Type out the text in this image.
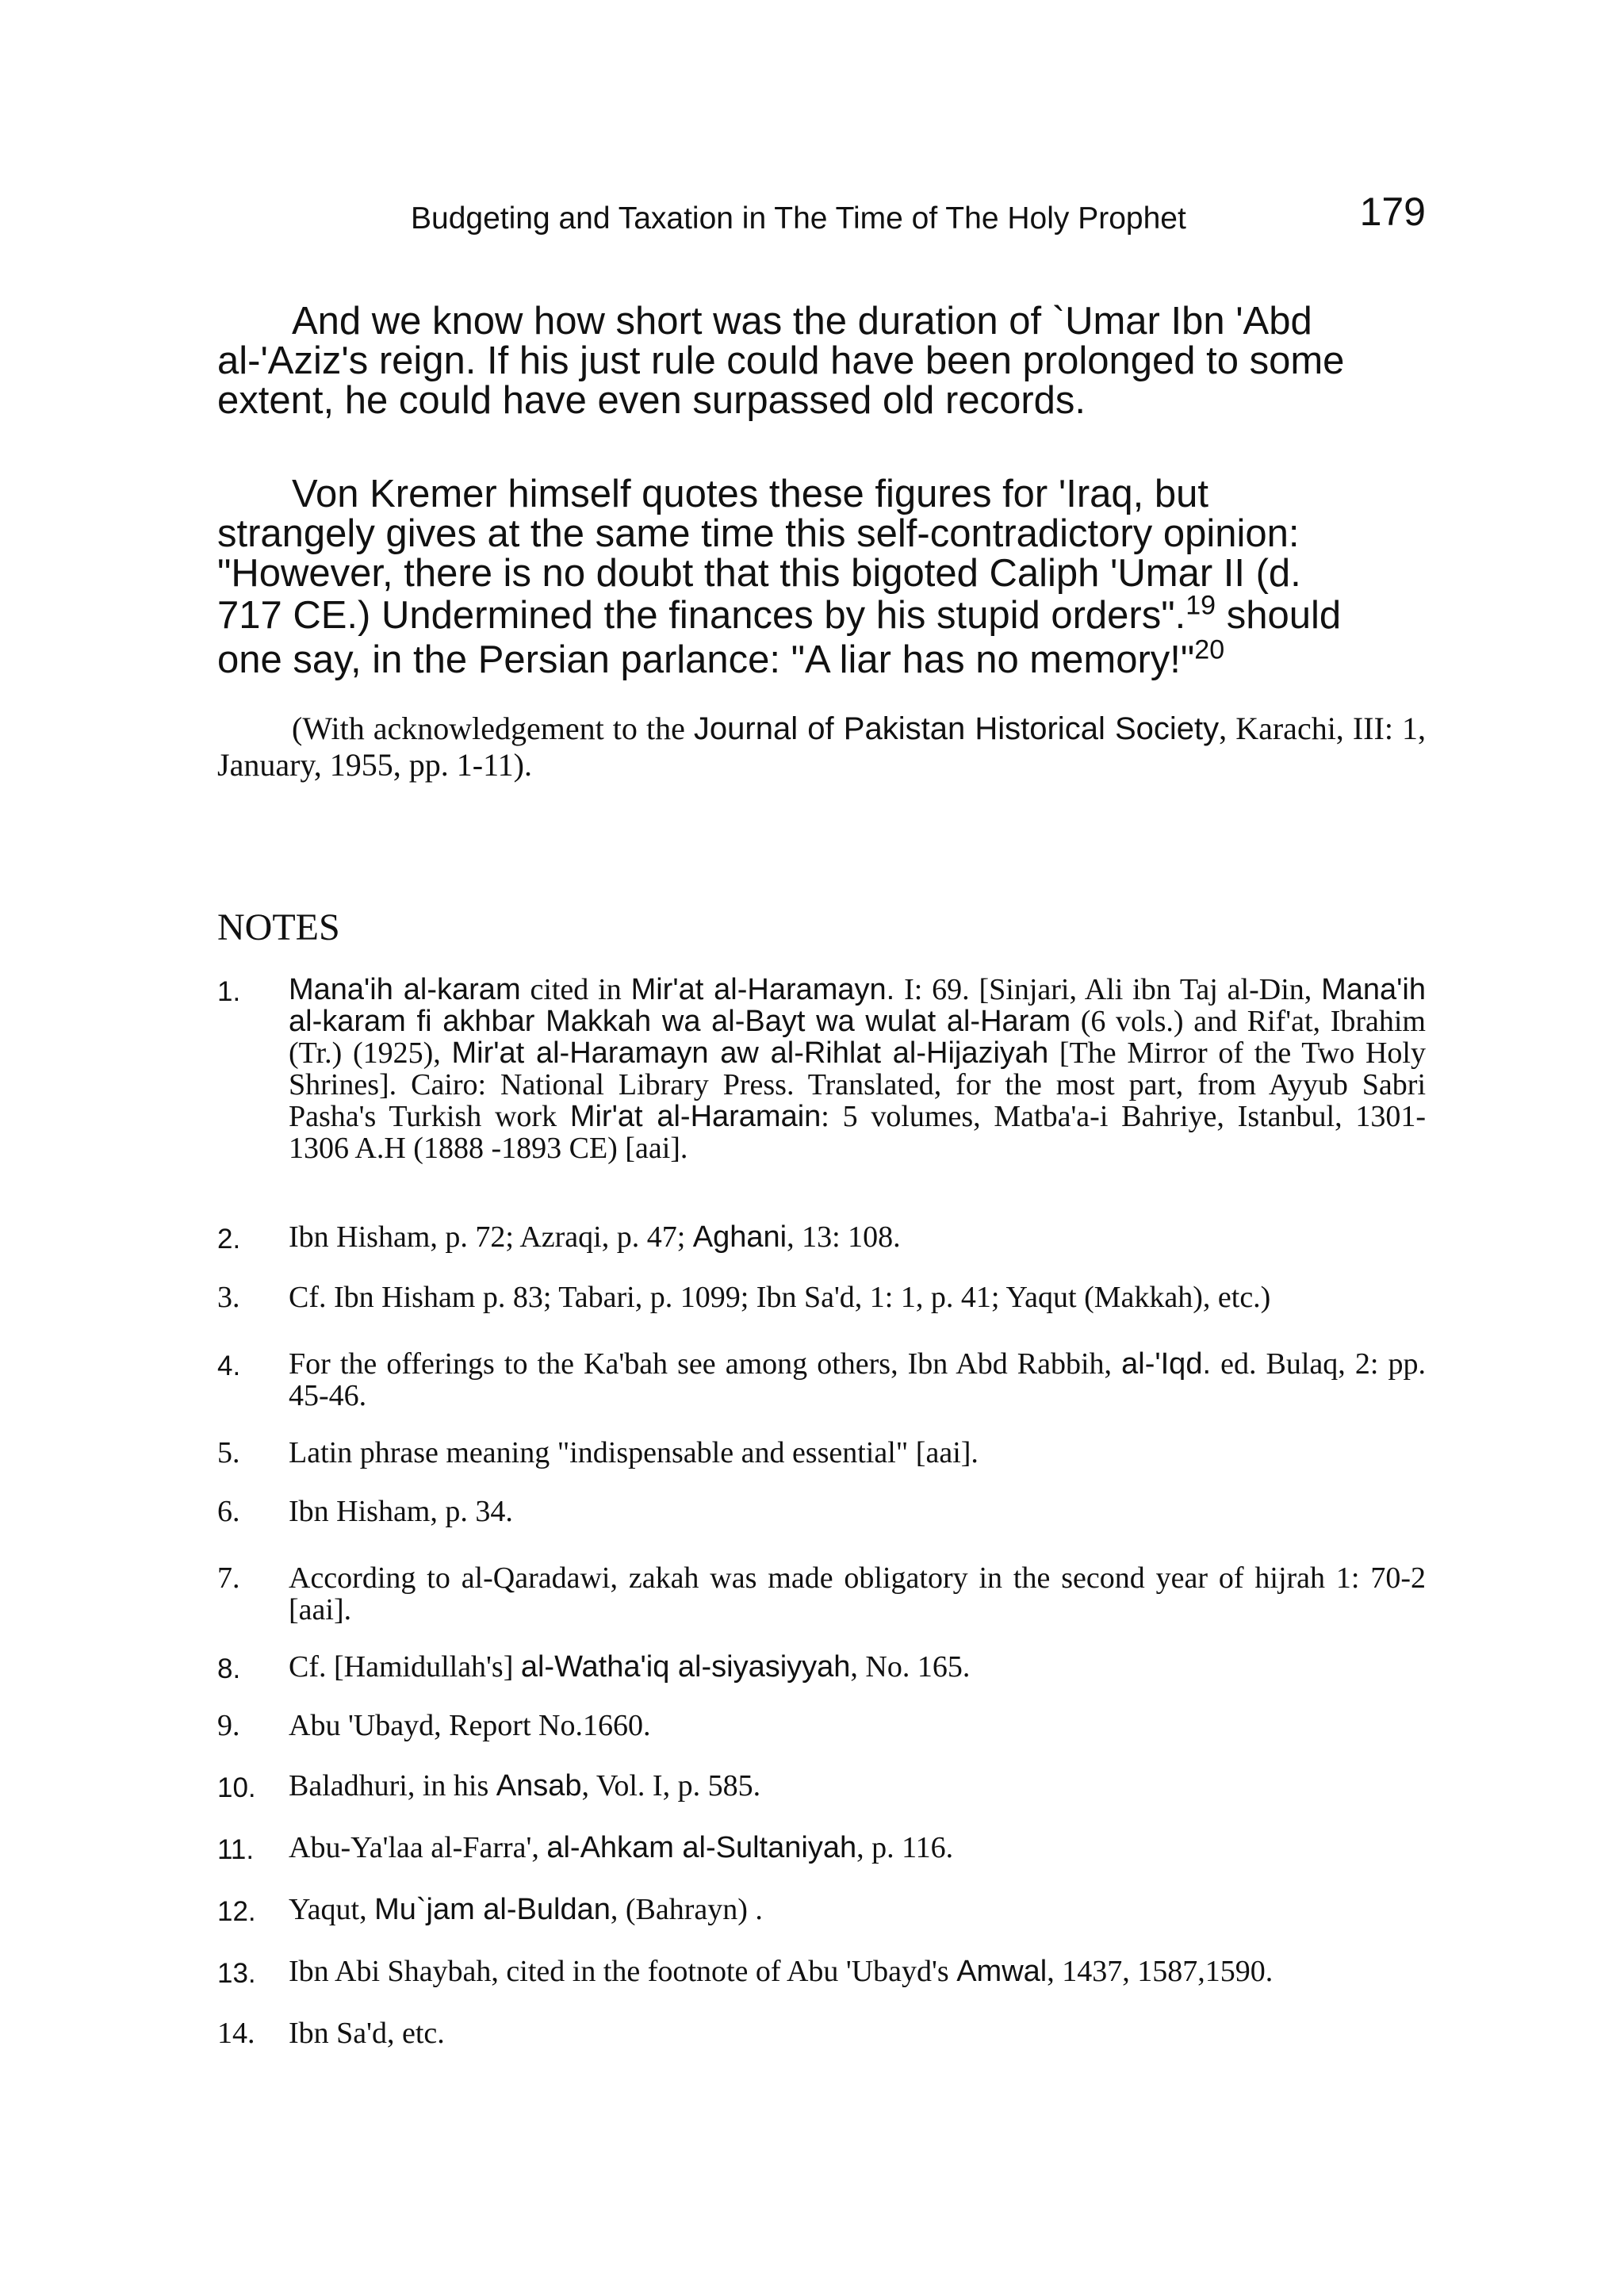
Budgeting and Taxation in The Time of The Holy Prophet	179
And we know how short was the duration of `Umar Ibn 'Abd
al-'Aziz's reign. If his just rule could have been prolonged to some
extent, he could have even surpassed old records.
Von Kremer himself quotes these figures for 'Iraq, but
strangely gives at the same time this self-contradictory opinion:
"However, there is no doubt that this bigoted Caliph 'Umar II (d.
717 CE.) Undermined the finances by his stupid orders".$^{19}$ should
one say, in the Persian parlance: "A liar has no memory!"$^{20}$
(With acknowledgement to the Journal of Pakistan Historical Society, Karachi, III: 1, January, 1955, pp. 1-11).
NOTES
1.	Mana'ih al-karam cited in Mir'at al-Haramayn. I: 69. [Sinjari, Ali ibn Taj al-Din, Mana'ih al-karam fi akhbar Makkah wa al-Bayt wa wulat al-Haram (6 vols.) and Rif'at, Ibrahim (Tr.) (1925), Mir'at al-Haramayn aw al-Rihlat al-Hijaziyah [The Mirror of the Two Holy Shrines]. Cairo: National Library Press. Translated, for the most part, from Ayyub Sabri Pasha's Turkish work Mir'at al-Haramain: 5 volumes, Matba'a-i Bahriye, Istanbul, 1301-1306 A.H (1888 -1893 CE) [aai].
2.	Ibn Hisham, p. 72; Azraqi, p. 47; Aghani, 13: 108.
3.	Cf. Ibn Hisham p. 83; Tabari, p. 1099; Ibn Sa'd, 1: 1, p. 41; Yaqut (Makkah), etc.)
4.	For the offerings to the Ka'bah see among others, Ibn Abd Rabbih, al-'Iqd. ed. Bulaq, 2: pp. 45-46.
5.	Latin phrase meaning "indispensable and essential" [aai].
6.	Ibn Hisham, p. 34.
7.	According to al-Qaradawi, zakah was made obligatory in the second year of hijrah 1: 70-2 [aai].
8.	Cf. [Hamidullah's] al-Watha'iq al-siyasiyyah, No. 165.
9.	Abu 'Ubayd, Report No.1660.
10.	Baladhuri, in his Ansab, Vol. I, p. 585.
11.	Abu-Ya'laa al-Farra', al-Ahkam al-Sultaniyah, p. 116.
12.	Yaqut, Mu`jam al-Buldan, (Bahrayn) .
13.	Ibn Abi Shaybah, cited in the footnote of Abu 'Ubayd's Amwal, 1437, 1587,1590.
14.	Ibn Sa'd, etc.
